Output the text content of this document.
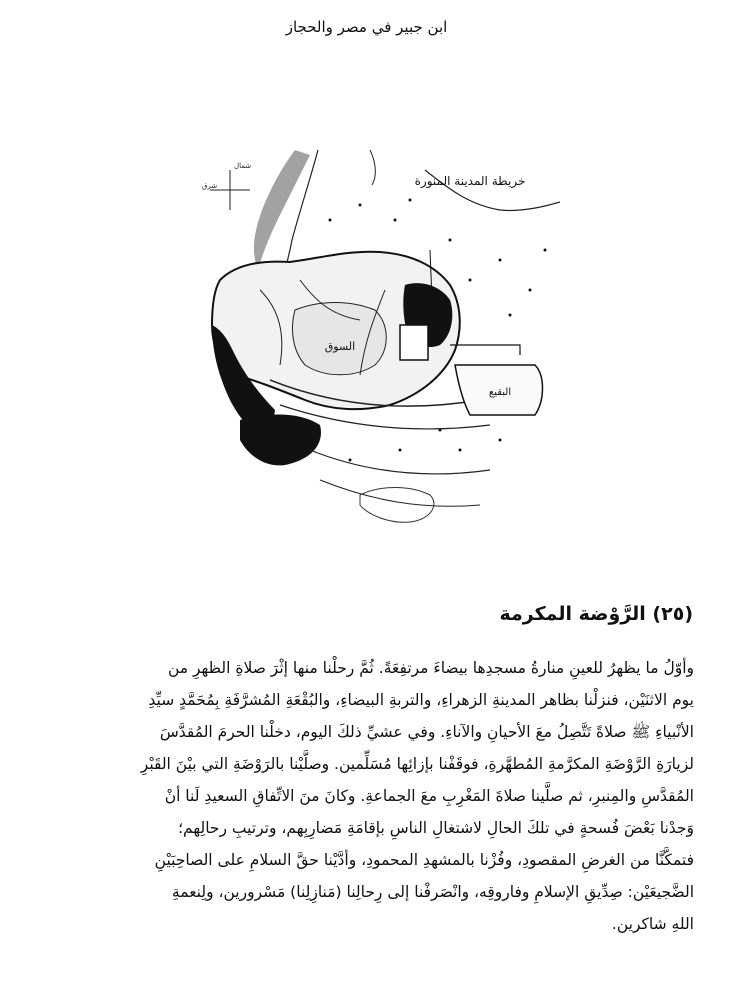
ابن جبير في مصر والحجاز
شمال
شرق	خريطة المدينة المنورة
السوق
البقيع
(٢٥) الرَّوْضة المكرمة

وأوّلُ ما يظهرُ للعينِ منارةُ مسجدِها بيضاءَ مرتفِعَةً. ثُمَّ رحلْنا منها إثْرَ صلاةِ الظهرِ من

يوم الاثنَيْن، فنزلْنا بظاهر المدينةِ الزهراءِ، والتربةِ البيضاءِ، والبُقْعَةِ المُشرَّفَةِ بِمُحَمَّدٍ سيِّدِ

الأنْبياءِ ﷺ صلاةً تَتَّصِلُ معَ الأحيانِ والآناءِ. وفي عشيِّ ذلكَ اليوم، دخلْنا الحرمَ المُقدَّسَ

لزيارَةِ الرَّوْضَةِ المكرَّمةِ المُطهَّرةِ، فوقَفْنا بإزائِها مُسَلِّمين. وصلَّيْنا بالرَوْضَةِ التي بيْنَ القَبْرِ

المُقدَّسِ والمِنبرِ، ثم صلَّينا صلاةَ المَغْرِبِ معَ الجماعةِ. وكانَ منَ الاتِّفاقِ السعيدِ لَنا أنْ

وَجدْنا بَعْضَ فُسحةٍ في تلكَ الحالِ لاشتغالِ الناسِ بإقامَةِ مَضارِبِهم، وترتيبِ رحالِهم؛

فتمكَّنَّا من الغرضِ المقصودِ، وفُزْنا بالمشهدِ المحمودِ، وأدَّيْنا حقَّ السلامِ على الصاحِبَيْنِ

الضَّجيعَيْن: صِدِّيقِ الإسلامِ وفاروقِه، وانْصَرفْنا إلى رِحالِنا (مَنازِلِنا) مَسْرورين، ولِنعمةِ

اللهِ شاكرين.
